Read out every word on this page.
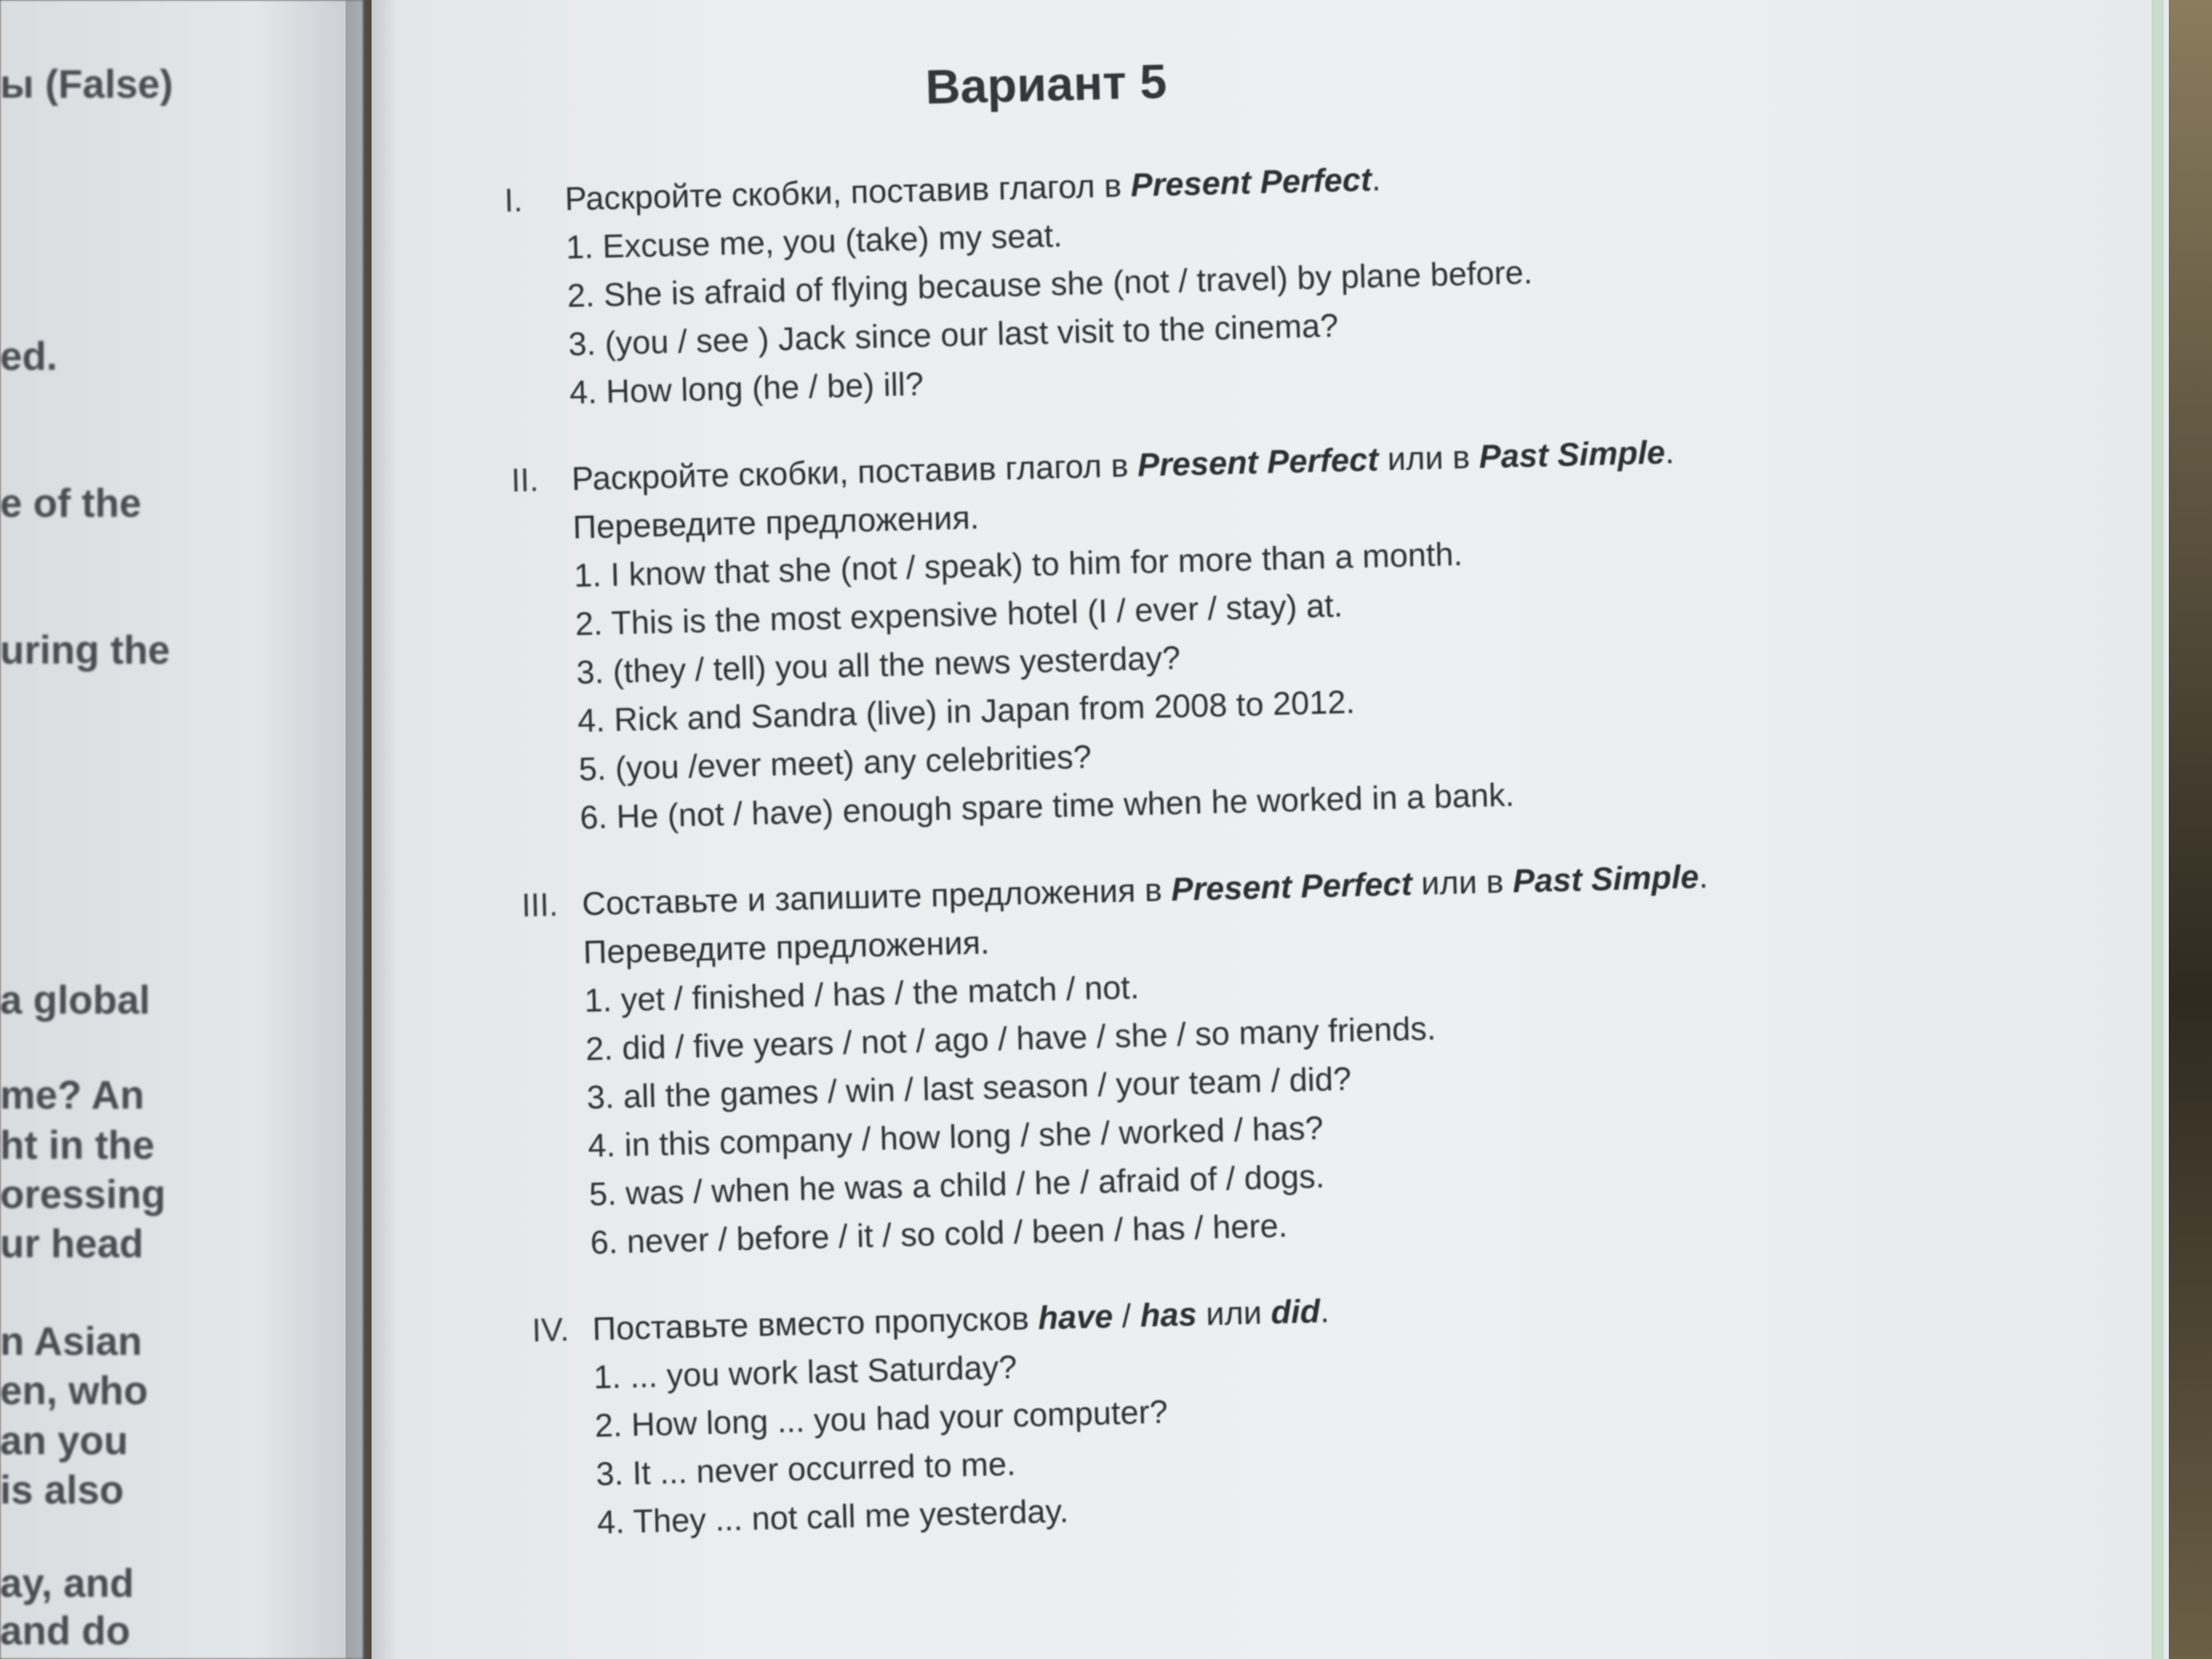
ы (False)
ed.
e of the
uring the
a global
me? An
ht in the
oressing
ur head
n Asian
en, who
an you
is also
ay, and
and do
Вариант 5
I.	Раскройте скобки, поставив глагол в Present Perfect.
1. Excuse me, you (take) my seat.
2. She is afraid of flying because she (not / travel) by plane before.
3. (you / see ) Jack since our last visit to the cinema?
4. How long (he / be) ill?
II. Раскройте скобки, поставив глагол в Present Perfect или в Past Simple.
Переведите предложения.
1. I know that she (not / speak) to him for more than a month.
2. This is the most expensive hotel (I / ever / stay) at.
3. (they / tell) you all the news yesterday?
4. Rick and Sandra (live) in Japan from 2008 to 2012.
5. (you /ever meet) any celebrities?
6. He (not / have) enough spare time when he worked in a bank.
III. Составьте и запишите предложения в Present Perfect или в Past Simple.
Переведите предложения.
1. yet / finished / has / the match / not.
2. did / five years / not / ago / have / she / so many friends.
3. all the games / win / last season / your team / did?
4. in this company / how long / she / worked / has?
5. was / when he was a child / he / afraid of / dogs.
6. never / before / it / so cold / been / has / here.
IV. Поставьте вместо пропусков have / has или did.
1. ... you work last Saturday?
2. How long ... you had your computer?
3. It ... never occurred to me.
4. They ... not call me yesterday.
